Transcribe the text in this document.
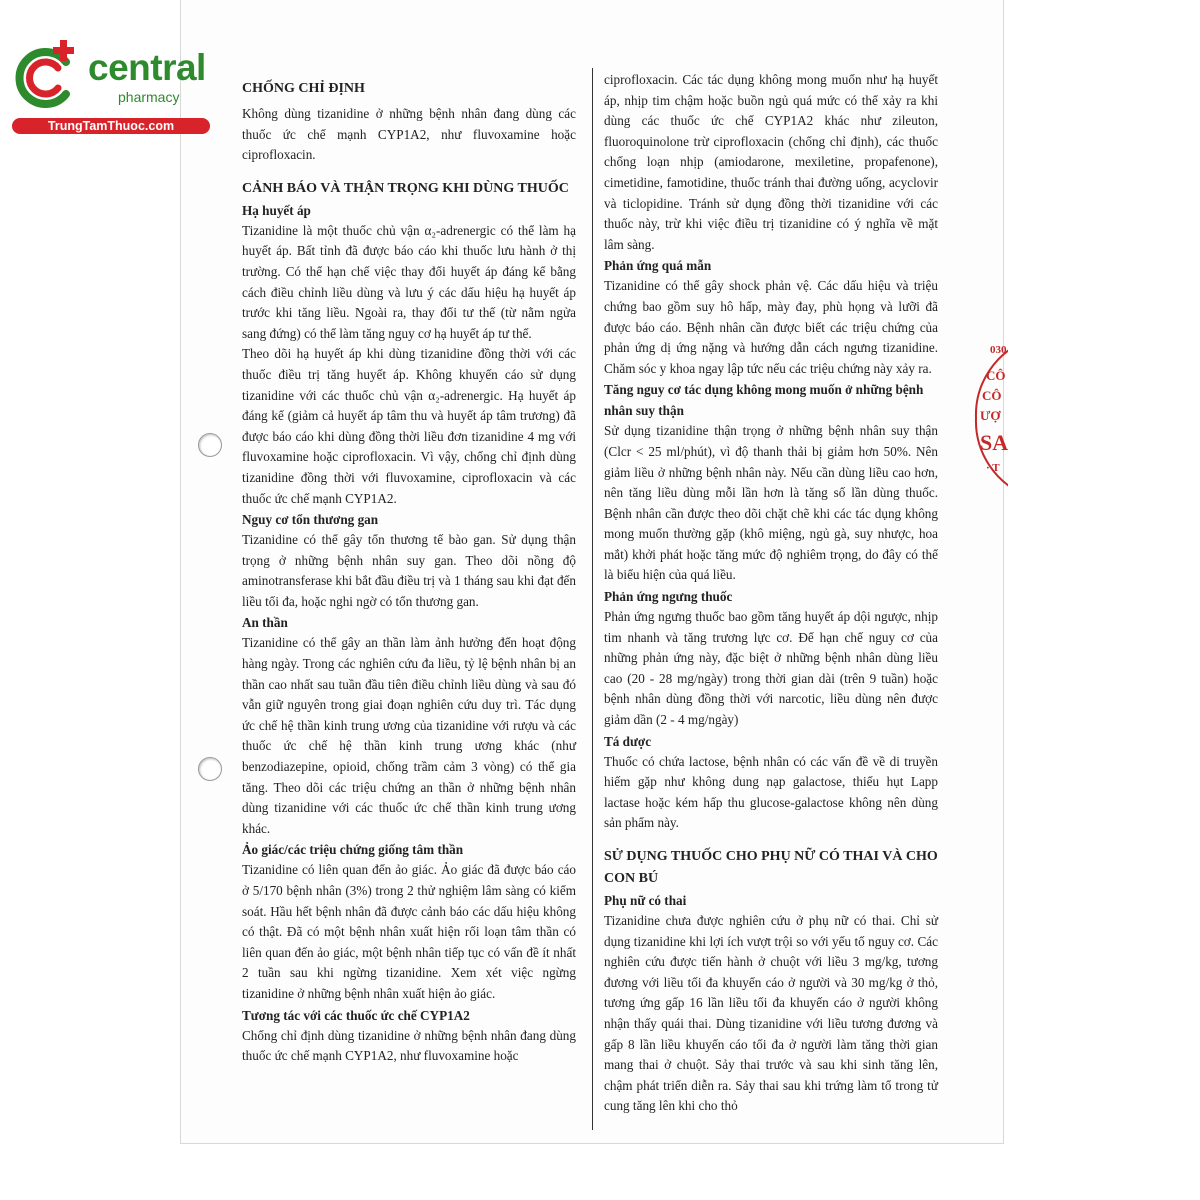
central
pharmacy
TrungTamThuoc.com
030
CÔ
CÔ
ƯỢ
SA
· T
CHỐNG CHỈ ĐỊNH

Không dùng tizanidine ở những bệnh nhân đang dùng các thuốc ức chế mạnh CYP1A2, như fluvoxamine hoặc ciprofloxacin.

CẢNH BÁO VÀ THẬN TRỌNG KHI DÙNG THUỐC
Hạ huyết áp

Tizanidine là một thuốc chủ vận α₂-adrenergic có thể làm hạ huyết áp. Bất tỉnh đã được báo cáo khi thuốc lưu hành ở thị trường. Có thể hạn chế việc thay đổi huyết áp đáng kể bằng cách điều chỉnh liều dùng và lưu ý các dấu hiệu hạ huyết áp trước khi tăng liều. Ngoài ra, thay đổi tư thế (từ nằm ngửa sang đứng) có thể làm tăng nguy cơ hạ huyết áp tư thế.

Theo dõi hạ huyết áp khi dùng tizanidine đồng thời với các thuốc điều trị tăng huyết áp. Không khuyến cáo sử dụng tizanidine với các thuốc chủ vận α₂-adrenergic. Hạ huyết áp đáng kể (giảm cả huyết áp tâm thu và huyết áp tâm trương) đã được báo cáo khi dùng đồng thời liều đơn tizanidine 4 mg với fluvoxamine hoặc ciprofloxacin. Vì vậy, chống chỉ định dùng tizanidine đồng thời với fluvoxamine, ciprofloxacin và các thuốc ức chế mạnh CYP1A2.

Nguy cơ tổn thương gan

Tizanidine có thể gây tổn thương tế bào gan. Sử dụng thận trọng ở những bệnh nhân suy gan. Theo dõi nồng độ aminotransferase khi bắt đầu điều trị và 1 tháng sau khi đạt đến liều tối đa, hoặc nghi ngờ có tổn thương gan.

An thần

Tizanidine có thể gây an thần làm ảnh hưởng đến hoạt động hàng ngày. Trong các nghiên cứu đa liều, tỷ lệ bệnh nhân bị an thần cao nhất sau tuần đầu tiên điều chỉnh liều dùng và sau đó vẫn giữ nguyên trong giai đoạn nghiên cứu duy trì. Tác dụng ức chế hệ thần kinh trung ương của tizanidine với rượu và các thuốc ức chế hệ thần kinh trung ương khác (như benzodiazepine, opioid, chống trầm cảm 3 vòng) có thể gia tăng. Theo dõi các triệu chứng an thần ở những bệnh nhân dùng tizanidine với các thuốc ức chế thần kinh trung ương khác.

Ảo giác/các triệu chứng giống tâm thần

Tizanidine có liên quan đến ảo giác. Ảo giác đã được báo cáo ở 5/170 bệnh nhân (3%) trong 2 thử nghiệm lâm sàng có kiểm soát. Hầu hết bệnh nhân đã được cảnh báo các dấu hiệu không có thật. Đã có một bệnh nhân xuất hiện rối loạn tâm thần có liên quan đến ảo giác, một bệnh nhân tiếp tục có vấn đề ít nhất 2 tuần sau khi ngừng tizanidine. Xem xét việc ngừng tizanidine ở những bệnh nhân xuất hiện ảo giác.

Tương tác với các thuốc ức chế CYP1A2

Chống chỉ định dùng tizanidine ở những bệnh nhân đang dùng thuốc ức chế mạnh CYP1A2, như fluvoxamine hoặc

ciprofloxacin. Các tác dụng không mong muốn như hạ huyết áp, nhịp tim chậm hoặc buồn ngủ quá mức có thể xảy ra khi dùng các thuốc ức chế CYP1A2 khác như zileuton, fluoroquinolone trừ ciprofloxacin (chống chỉ định), các thuốc chống loạn nhịp (amiodarone, mexiletine, propafenone), cimetidine, famotidine, thuốc tránh thai đường uống, acyclovir và ticlopidine. Tránh sử dụng đồng thời tizanidine với các thuốc này, trừ khi việc điều trị tizanidine có ý nghĩa về mặt lâm sàng.

Phản ứng quá mẫn

Tizanidine có thể gây shock phản vệ. Các dấu hiệu và triệu chứng bao gồm suy hô hấp, mày đay, phù họng và lưỡi đã được báo cáo. Bệnh nhân cần được biết các triệu chứng của phản ứng dị ứng nặng và hướng dẫn cách ngưng tizanidine. Chăm sóc y khoa ngay lập tức nếu các triệu chứng này xảy ra.

Tăng nguy cơ tác dụng không mong muốn ở những bệnh nhân suy thận

Sử dụng tizanidine thận trọng ở những bệnh nhân suy thận (Clcr < 25 ml/phút), vì độ thanh thải bị giảm hơn 50%. Nên giảm liều ở những bệnh nhân này. Nếu cần dùng liều cao hơn, nên tăng liều dùng mỗi lần hơn là tăng số lần dùng thuốc. Bệnh nhân cần được theo dõi chặt chẽ khi các tác dụng không mong muốn thường gặp (khô miệng, ngủ gà, suy nhược, hoa mắt) khởi phát hoặc tăng mức độ nghiêm trọng, do đây có thể là biểu hiện của quá liều.

Phản ứng ngưng thuốc

Phản ứng ngưng thuốc bao gồm tăng huyết áp dội ngược, nhịp tim nhanh và tăng trương lực cơ. Để hạn chế nguy cơ của những phản ứng này, đặc biệt ở những bệnh nhân dùng liều cao (20 - 28 mg/ngày) trong thời gian dài (trên 9 tuần) hoặc bệnh nhân dùng đồng thời với narcotic, liều dùng nên được giảm dần (2 - 4 mg/ngày)

Tá dược

Thuốc có chứa lactose, bệnh nhân có các vấn đề về di truyền hiếm gặp như không dung nạp galactose, thiếu hụt Lapp lactase hoặc kém hấp thu glucose-galactose không nên dùng sản phẩm này.

SỬ DỤNG THUỐC CHO PHỤ NỮ CÓ THAI VÀ CHO CON BÚ
Phụ nữ có thai

Tizanidine chưa được nghiên cứu ở phụ nữ có thai. Chỉ sử dụng tizanidine khi lợi ích vượt trội so với yếu tố nguy cơ. Các nghiên cứu được tiến hành ở chuột với liều 3 mg/kg, tương đương với liều tối đa khuyến cáo ở người và 30 mg/kg ở thỏ, tương ứng gấp 16 lần liều tối đa khuyến cáo ở người không nhận thấy quái thai. Dùng tizanidine với liều tương đương và gấp 8 lần liều khuyến cáo tối đa ở người làm tăng thời gian mang thai ở chuột. Sảy thai trước và sau khi sinh tăng lên, chậm phát triển diễn ra. Sảy thai sau khi trứng làm tổ trong tử cung tăng lên khi cho thỏ
